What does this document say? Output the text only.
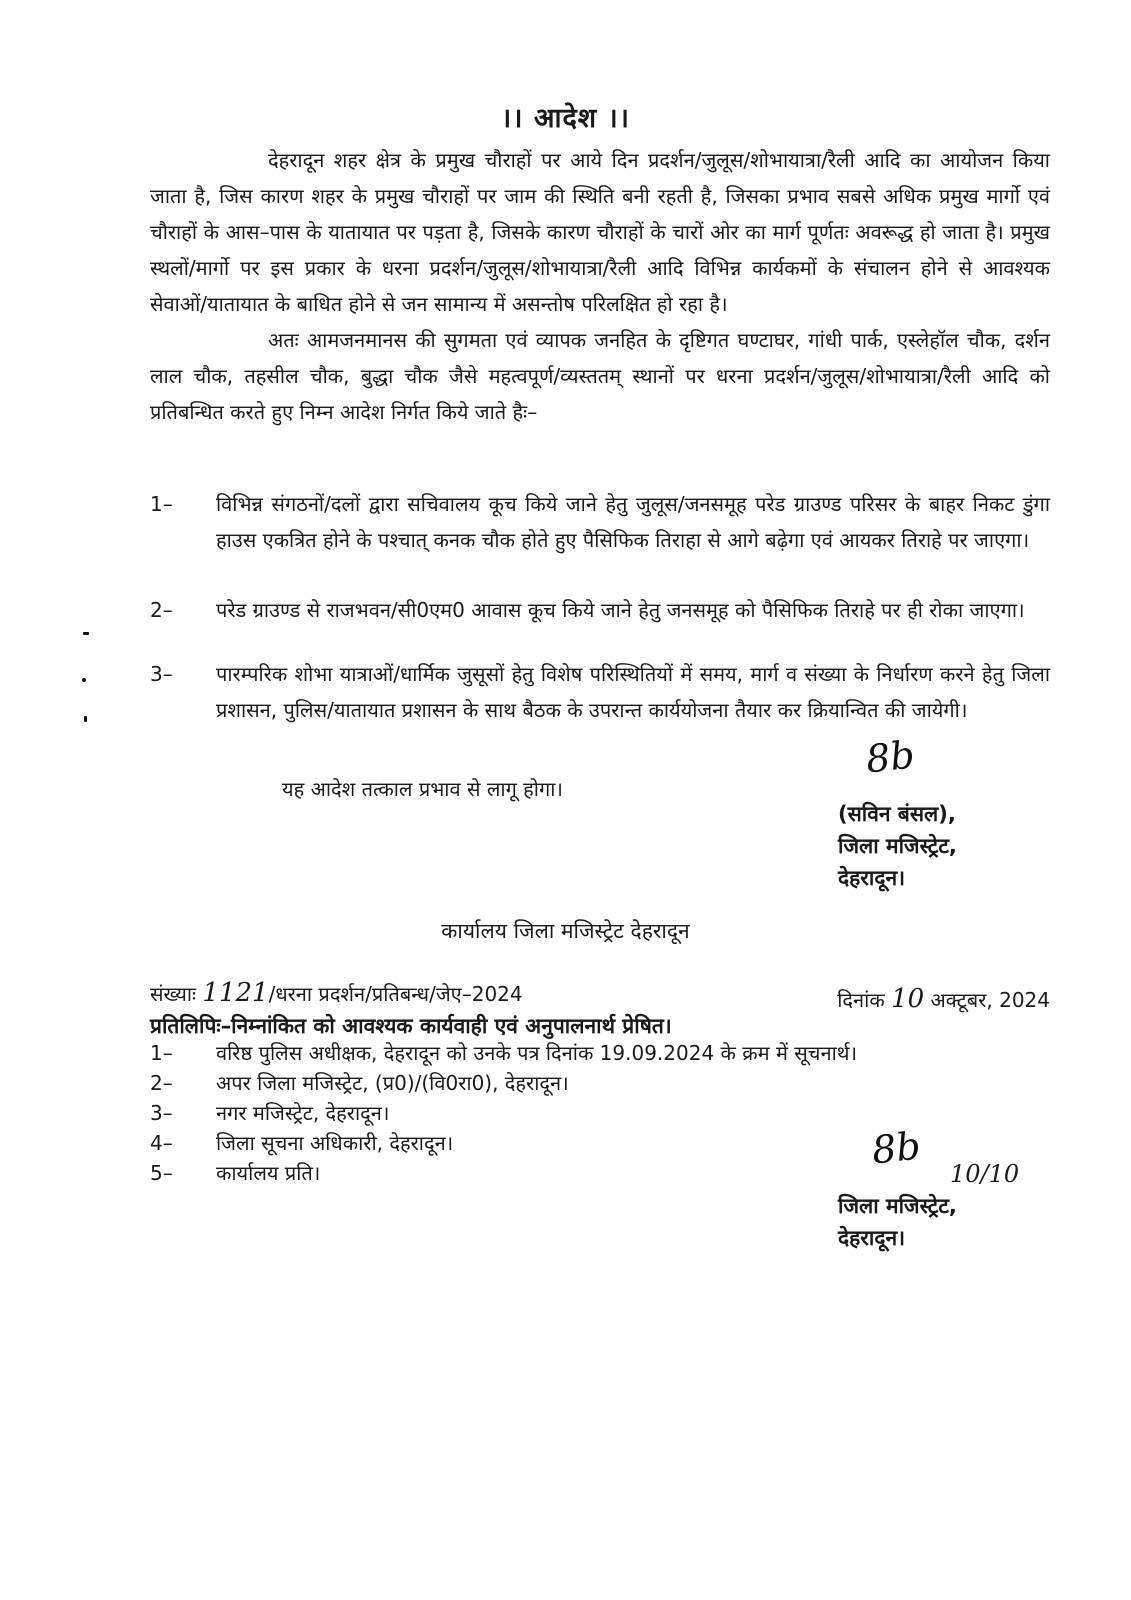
।। आदेश ।।

देहरादून शहर क्षेत्र के प्रमुख चौराहों पर आये दिन प्रदर्शन/जुलूस/शोभायात्रा/रैली आदि का आयोजन किया जाता है, जिस कारण शहर के प्रमुख चौराहों पर जाम की स्थिति बनी रहती है, जिसका प्रभाव सबसे अधिक प्रमुख मार्गो एवं चौराहों के आस–पास के यातायात पर पड़ता है, जिसके कारण चौराहों के चारों ओर का मार्ग पूर्णतः अवरूद्ध हो जाता है। प्रमुख स्थलों/मार्गो पर इस प्रकार के धरना प्रदर्शन/जुलूस/शोभायात्रा/रैली आदि विभिन्न कार्यकमों के संचालन होने से आवश्यक सेवाओं/यातायात के बाधित होने से जन सामान्य में असन्तोष परिलक्षित हो रहा है।

अतः आमजनमानस की सुगमता एवं व्यापक जनहित के दृष्टिगत घण्टाघर, गांधी पार्क, एस्लेहॉल चौक, दर्शन लाल चौक, तहसील चौक, बुद्धा चौक जैसे महत्वपूर्ण/व्यस्ततम् स्थानों पर धरना प्रदर्शन/जुलूस/शोभायात्रा/रैली आदि को प्रतिबन्धित करते हुए निम्न आदेश निर्गत किये जाते हैः–

1–	विभिन्न संगठनों/दलों द्वारा सचिवालय कूच किये जाने हेतु जुलूस/जनसमूह परेड ग्राउण्ड परिसर के बाहर निकट डुंगा हाउस एकत्रित होने के पश्चात् कनक चौक होते हुए पैसिफिक तिराहा से आगे बढ़ेगा एवं आयकर तिराहे पर जाएगा।
2–	परेड ग्राउण्ड से राजभवन/सी0एम0 आवास कूच किये जाने हेतु जनसमूह को पैसिफिक तिराहे पर ही रोका जाएगा।
3–	पारम्परिक शोभा यात्राओं/धार्मिक जुसूसों हेतु विशेष परिस्थितियों में समय, मार्ग व संख्या के निर्धारण करने हेतु जिला प्रशासन, पुलिस/यातायात प्रशासन के साथ बैठक के उपरान्त कार्ययोजना तैयार कर क्रियान्वित की जायेगी।
यह आदेश तत्काल प्रभाव से लागू होगा।
8b
(सविन बंसल),
जिला मजिस्ट्रेट,
देहरादून।
कार्यालय जिला मजिस्ट्रेट देहरादून
संख्याः 1121/धरना प्रदर्शन/प्रतिबन्ध/जेए–2024	दिनांक 10 अक्टूबर, 2024
प्रतिलिपिः–निम्नांकित को आवश्यक कार्यवाही एवं अनुपालनार्थ प्रेषित।
1– वरिष्ठ पुलिस अधीक्षक, देहरादून को उनके पत्र दिनांक 19.09.2024 के क्रम में सूचनार्थ।
2– अपर जिला मजिस्ट्रेट, (प्र0)/(वि0रा0), देहरादून।
3– नगर मजिस्ट्रेट, देहरादून।
4– जिला सूचना अधिकारी, देहरादून।
5– कार्यालय प्रति।
8b
10/10
जिला मजिस्ट्रेट,
देहरादून।
